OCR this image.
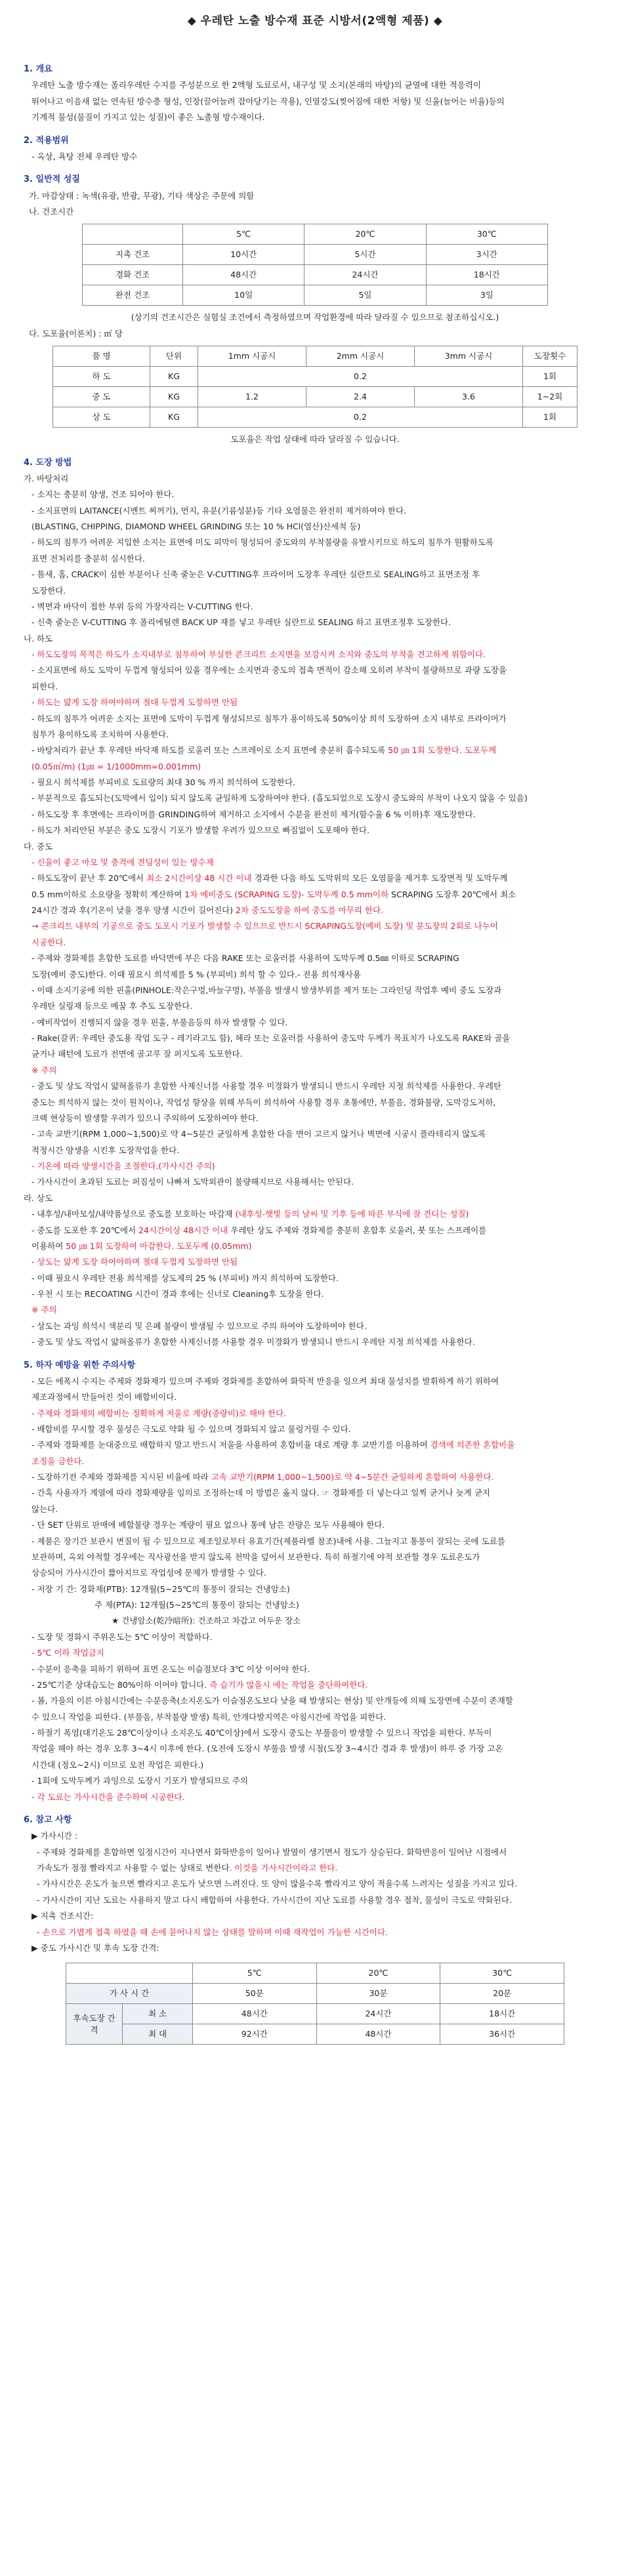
◆ 우레탄 노출 방수재 표준 시방서(2액형 제품) ◆
1. 개요
우레탄 노출 방수재는 폴리우레탄 수지를 주성분으로 한 2액형 도료로서, 내구성 및 소지(본래의 바탕)의 균열에 대한 적응력이
뛰어나고 이음새 없는 연속된 방수층 형성, 인장(끌어늘려 잡아당기는 작용), 인열강도(찢어짐에 대한 저항) 및 신율(늘어는 비율)등의
기계적 물성(물질이 가지고 있는 성질)이 좋은 노출형 방수재이다.
2. 적용범위
- 옥상, 욕탕 전체 우레탄 방수
3. 일반적 성질
가. 마감상태 : 녹색(유광, 반광, 무광), 기타 색상은 주문에 의함
나. 건조시간
	5℃	20℃	30℃
지촉 건조	10시간	5시간	3시간
경화 건조	48시간	24시간	18시간
완전 건조	10일	5일	3일
(상기의 건조시간은 실험실 조건에서 측정하였으며 작업환경에 따라 달라질 수 있으므로 참조하십시오.)
다. 도포율(이론치) : ㎡ 당
품 명	단위	1mm 시공시	2mm 시공시	3mm 시공시	도장횟수
하 도	KG	0.2			1회
중 도	KG	1.2	2.4	3.6	1~2회
상 도	KG	0.2			1회
도포율은 작업 상태에 따라 달라질 수 있습니다.
4. 도장 방법
가. 바탕처리
- 소지는 충분히 양생, 건조 되어야 한다.
- 소지표면의 LAITANCE(시멘트 찌꺼기), 먼지, 유분(기름성분)등 기타 오염물은 완전히 제거하여야 한다.
(BLASTING, CHIPPING, DIAMOND WHEEL GRINDING 또는 10 % HCl(염산)산세척 등)
- 하도의 침투가 어려운 지입한 소지는 표면에 미도 피막이 형성되어 중도와의 부착불량을 유발시키므로 하도의 침투가 원활하도록
표면 전처리를 충분히 실시한다.
- 틈새, 홈, CRACK이 심한 부분이나 신축 줄눈은 V-CUTTING후 프라이머 도장후 우레탄 실란트로 SEALING하고 표면조정 후
도장한다.
- 벽면과 바닥이 접한 부위 등의 가장자리는 V-CUTTING 한다.
- 신축 줄눈은 V-CUTTING 후 폴리에틸렌 BACK UP 재를 넣고 우레탄 실란트로 SEALING 하고 표면조정후 도장한다.
나. 하도
- 하도도장의 목적은 하도가 소지내부로 침투하여 부실한 콘크리트 소지면을 보강시켜 소지와 중도의 부착을 견고하게 위함이다.
- 소지표면에 하도 도막이 두껍게 형성되어 있을 경우에는 소지면과 중도의 접촉 면적이 감소해 오히려 부착이 불량하므로 과량 도장을
피한다.
- 하도는 얇게 도장 하여야하며 절대 두껍게 도장하면 안됨
- 하도의 침투가 어려운 소지는 표면에 도막이 두껍게 형성되므로 침투가 용이하도록 50%이상 희석 도장하여 소지 내부로 프라이머가
침투가 용이하도록 조치하여 사용한다.
- 바탕처리가 끝난 후 우레탄 바닥재 하도를 로울러 또는 스프레이로 소지 표면에 충분히 흡수되도록 50 ㎛ 1회 도장한다. 도포두께
(0.05㎡/m) (1㎛ = 1/1000mm=0.001mm)
- 필요시 희석제를 부피비로 도료량의 최대 30 % 까지 희석하여 도장한다.
- 부분적으로 흡도되는(도막에서 입이) 되지 않도록 균일하게 도장하여야 한다. (흡도되었으로 도장시 중도와의 부착이 나오지 않을 수 있음)
- 하도도장 후 후면에는 프라이머를 GRINDING하여 제거하고 소지에서 수분을 완전히 제거(함수율 6 % 이하)후 재도장한다.
- 하도가 처리안된 부분은 중도 도장시 기포가 발생할 우려가 있으므로 빠짐없이 도포해야 한다.
다. 중도
- 신율이 좋고 마모 및 충격에 견딤성이 있는 방수재
- 하도도장이 끝난 후 20℃에서 최소 2시간이상 48 시간 이내 경과한 다음 하도 도막위의 모든 오염물을 제거후 도장면적 및 도막두께
0.5 mm이하로 소요량을 정확히 계산하여 1차 예비중도 (SCRAPING 도장)- 도막두께 0.5 mm이하 SCRAPING 도장후 20℃에서 최소
24시간 경과 후(기온이 낮을 경우 양생 시간이 길어진다) 2차 중도도장을 하여 중도를 마무리 한다.
→ 콘크리트 내부의 기공으로 중도 도포시 기포가 발생할 수 있으므로 반드시 SCRAPING도장(예비 도장) 및 분도장의 2회로 나누어
시공한다.
- 주제와 경화제를 혼합한 도료를 바닥면에 부은 다음 RAKE 또는 로울러를 사용하여 도막두께 0.5㎜ 이하로 SCRAPING
도장(예비 중도)한다. 이때 필요시 희석제를 5 % (부피비) 희석 할 수 있다.- 전용 희석재사용
- 이때 소지기공에 의한 핀홀(PINHOLE:작은구멍,바늘구멍), 부풀음 발생시 발생부위를 제거 또는 그라인딩 작업후 예비 중도 도장과
우레탄 실링재 등으로 메꿈 후 추도 도장한다.
- 예비작업이 진행되지 않을 경우 핀홀, 부풀음등의 하자 발생할 수 있다.
- Rake(갈퀴: 우레탄 중도용 작업 도구 - 레기라고도 함), 헤라 또는 로울러를 사용하여 중도막 두께가 목표치가 나오도록 RAKE와 골을
균거나 패턴에 도료가 전면에 골고루 잘 퍼지도록 도포한다.
※ 주의
- 중도 및 상도 작업시 얇혀올류가 혼합한 사제신너를 사용할 경우 미경화가 발생되니 반드시 우레탄 지정 희석제를 사용한다. 우레탄
중도는 희석하지 않는 것이 원칙이나, 작업성 향상을 위해 부득이 희석하여 사용할 경우 초통에만, 부풀음, 경화불량, 도막강도저하,
크랙 현상등이 발생할 우려가 있으니 주의하여 도장하여야 한다.
- 고속 교반기(RPM 1,000~1,500)로 약 4~5분간 균일하게 혼합한 다음 면이 고르지 않거나 벽면에 시공시 플라테리지 않도록
적정시간 양생을 시킨후 도장작업을 한다.
- 기온에 따라 양생시간을 조절한다.(가사시간 주의)
- 가사시간이 초과된 도료는 퍼짐성이 나빠져 도막외관이 불량해지므로 사용해서는 안된다.
라. 상도
- 내후성/내마모성/내약품성으로 중도를 보호하는 마감재 (내후성-햇빛 등의 날씨 및 기후 등에 따른 부식에 잘 견디는 성질)
- 중도를 도포한 후 20℃에서 24시간이상 48시간 이내 우레탄 상도 주제와 경화제를 충분히 혼합후 로울러, 붓 또는 스프레이를
이용하여 50 ㎛ 1회 도장하여 마감한다. 도포두께 (0.05mm)
- 상도는 얇게 도장 하여야하며 절대 두껍게 도장하면 안됨
- 이때 필요시 우레탄 전용 희석제를 상도제의 25 % (부피비) 까지 희석하여 도장한다.
- 우천 시 또는 RECOATING 시간이 경과 후에는 신너로 Cleaning후 도장을 한다.
※ 주의
- 상도는 과잉 희석시 색분리 및 은폐 불량이 발생될 수 있으므로 주의 하여야 도장하여야 한다.
- 중도 및 상도 작업시 얇혀올류가 혼합한 사제신너를 사용할 경우 미경화가 발생되니 반드시 우레탄 지정 희석제를 사용한다.
5. 하자 예방을 위한 주의사항
- 모든 에폭시 수지는 주제와 경화제가 있으며 주제와 경화제를 혼합하여 화학적 반응을 일으켜 최대 물성치를 발휘하게 하기 위하여
제조과정에서 만들어진 것이 배합비이다.
- 주제와 경화제의 배합비는 정확하게 저울로 계량(중량비)로 해야 한다.
- 배합비를 무시할 경우 물성은 극도로 약화 될 수 있으며 경화되지 않고 물렁거릴 수 있다.
- 주제와 경화제를 눈대중으로 배합하지 말고 반드시 저울을 사용하여 혼합비율 대로 계량 후 교반기를 이용하여 겸색에 의존한 혼합비율
조정을 금한다.
- 도장하기전 주제와 경화제를 지시된 비율에 따라 고속 교반기(RPM 1,000~1,500)로 약 4~5분간 균일하게 혼합하여 사용한다.
- 간혹 사용자가 계열에 따라 경화제량을 임의로 조정하는데 이 방법은 옳지 않다. ☞ 경화제를 더 넣는다고 일찍 굳거나 늦게 굳지
않는다.
- 단 SET 단위로 판매에 배합불량 경우는 계량이 필요 없으나 통에 남은 잔량은 모두 사용해야 한다.
- 제품은 장기간 보관시 변질이 될 수 있으므로 제조일로부터 유효기간(제품라벨 참조)내에 사용. 그늘지고 통풍이 잘되는 곳에 도료를
보관하며, 옥외 야적할 경우에는 직사광선을 받지 않도록 천막을 덮어서 보관한다. 특히 하절기에 야적 보관할 경우 도료온도가
상승되어 가사시간이 짧아지므로 작업성에 문제가 발생할 수 있다.
- 저장 기 간: 경화제(PTB): 12개월(5~25℃의 통풍이 잘되는 건냉암소)
주 제(PTA): 12개월(5~25℃의 통풍이 잘되는 건냉암소)
★ 건냉암소(乾冷暗所): 건조하고 차갑고 어두운 장소
- 도장 및 경화시 주위온도는 5℃ 이상이 적합하다.
- 5℃ 이하 작업금지
- 수분이 응축을 피하기 위하여 표면 온도는 이슬점보다 3℃ 이상 이어야 한다.
- 25℃기준 상대습도는 80%이하 이어야 합니다. 즉 습기가 많을시 에는 작업을 중단하여한다.
- 봄, 가을의 이른 아침시간에는 수분응축(소지온도가 이슬점온도보다 낮을 때 발생되는 현상) 및 안개등에 의해 도장면에 수분이 존재할
수 있으니 작업을 피한다. (부풀음, 부착불량 발생) 특히, 안개다발지역은 아침시간에 작업을 피한다.
- 하절기 폭염(대기온도 28℃이상이나 소지온도 40℃이상)에서 도장시 중도는 부풀음이 발생할 수 있으니 작업을 피한다. 부득이
작업을 해야 하는 경우 오후 3~4시 이후에 한다. (오전에 도장시 부풀음 발생 시점(도장 3~4시간 경과 후 발생)이 하루 중 가장 고온
시간대 (정오~2시) 이므로 오전 작업은 피한다.)
- 1회에 도막두께가 과잉으로 도장시 기포가 발생되므로 주의
- 각 도료는 가사시간을 준수하여 시공한다.
6. 참고 사항
▶ 가사시간 :
- 주제와 경화제를 혼합하면 일정시간이 지나면서 화학반응이 일어나 발열이 생기면서 점도가 상승된다. 화학반응이 일어난 시점에서
가속도가 점점 빨라지고 사용할 수 없는 상태로 변한다. 이것을 가사시간이라고 한다.
- 가사시간은 온도가 높으면 빨라지고 온도가 낮으면 느려진다. 또 양이 많을수록 빨라지고 양이 적을수록 느려지는 성질을 가지고 있다.
- 가사시간이 지난 도료는 사용하지 말고 다시 배합하여 사용한다. 가사시간이 지난 도료를 사용할 경우 접착, 물성이 극도로 약화된다.
▶ 지촉 건조시간:
- 손으로 가볍게 접촉 하였을 때 손에 묻어나지 않는 상태를 말하며 이때 재작업이 가능한 시간이다.
▶ 중도 가사시간 및 후속 도장 간격:
		5℃	20℃	30℃
가 사 시 간		50분	30분	20분
후속도장 간격	최 소	48시간	24시간	18시간
	최 대	92시간	48시간	36시간
